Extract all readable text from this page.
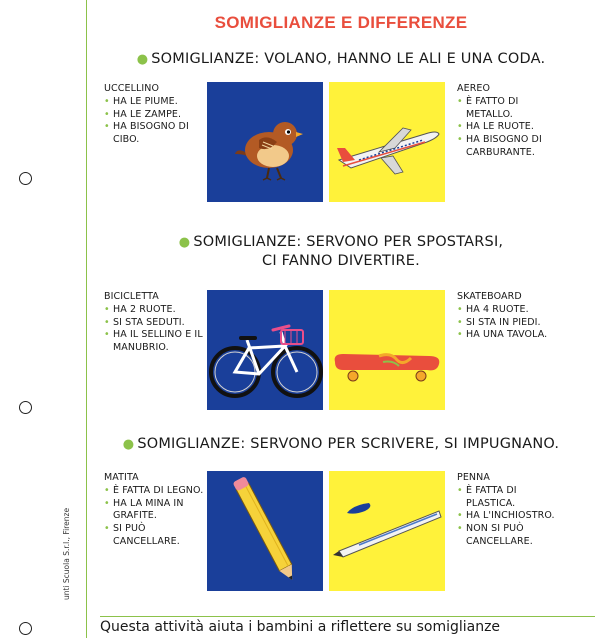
unti Scuola S.r.l., Firenze
SOMIGLIANZE E DIFFERENZE
● SOMIGLIANZE: VOLANO, HANNO LE ALI E UNA CODA.
UCCELLINO
• HA LE PIUME.
• HA LE ZAMPE.
• HA BISOGNO DI CIBO.
AEREO
• È FATTO DI METALLO.
• HA LE RUOTE.
• HA BISOGNO DI CARBURANTE.
● SOMIGLIANZE: SERVONO PER SPOSTARSI,
CI FANNO DIVERTIRE.
BICICLETTA
• HA 2 RUOTE.
• SI STA SEDUTI.
• HA IL SELLINO E IL MANUBRIO.
SKATEBOARD
• HA 4 RUOTE.
• SI STA IN PIEDI.
• HA UNA TAVOLA.
● SOMIGLIANZE: SERVONO PER SCRIVERE, SI IMPUGNANO.
MATITA
• È FATTA DI LEGNO.
• HA LA MINA IN GRAFITE.
• SI PUÒ CANCELLARE.
PENNA
• È FATTA DI PLASTICA.
• HA L'INCHIOSTRO.
• NON SI PUÒ CANCELLARE.
Questa attività aiuta i bambini a riflettere su somiglianze
